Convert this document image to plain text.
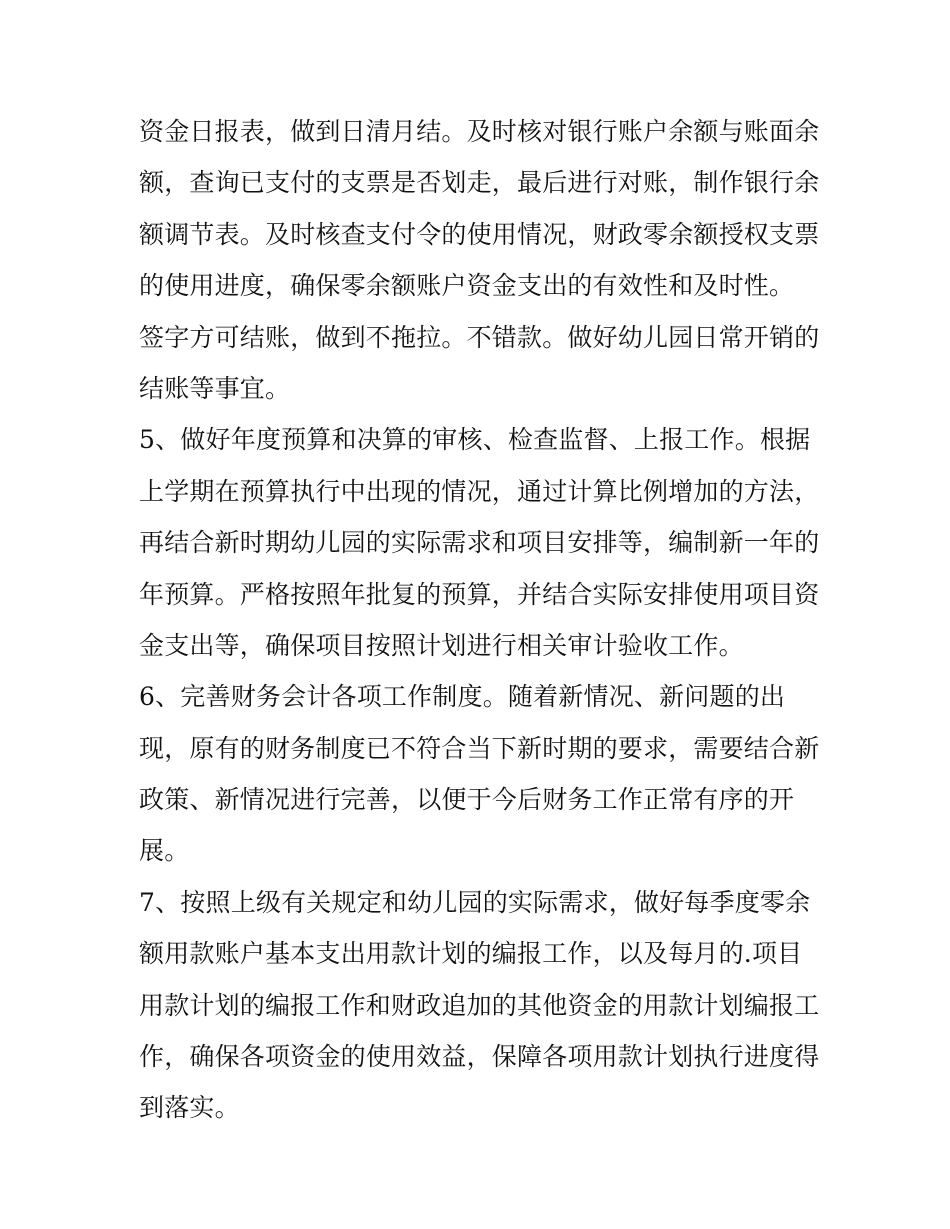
资金日报表，做到日清月结。及时核对银行账户余额与账面余
额，查询已支付的支票是否划走，最后进行对账，制作银行余
额调节表。及时核查支付令的使用情况，财政零余额授权支票
的使用进度，确保零余额账户资金支出的有效性和及时性。
签字方可结账，做到不拖拉。不错款。做好幼儿园日常开销的
结账等事宜。
5、做好年度预算和决算的审核、检查监督、上报工作。根据
上学期在预算执行中出现的情况，通过计算比例增加的方法，
再结合新时期幼儿园的实际需求和项目安排等，编制新一年的
年预算。严格按照年批复的预算，并结合实际安排使用项目资
金支出等，确保项目按照计划进行相关审计验收工作。
6、完善财务会计各项工作制度。随着新情况、新问题的出
现，原有的财务制度已不符合当下新时期的要求，需要结合新
政策、新情况进行完善，以便于今后财务工作正常有序的开
展。
7、按照上级有关规定和幼儿园的实际需求，做好每季度零余
额用款账户基本支出用款计划的编报工作，以及每月的.项目
用款计划的编报工作和财政追加的其他资金的用款计划编报工
作，确保各项资金的使用效益，保障各项用款计划执行进度得
到落实。
